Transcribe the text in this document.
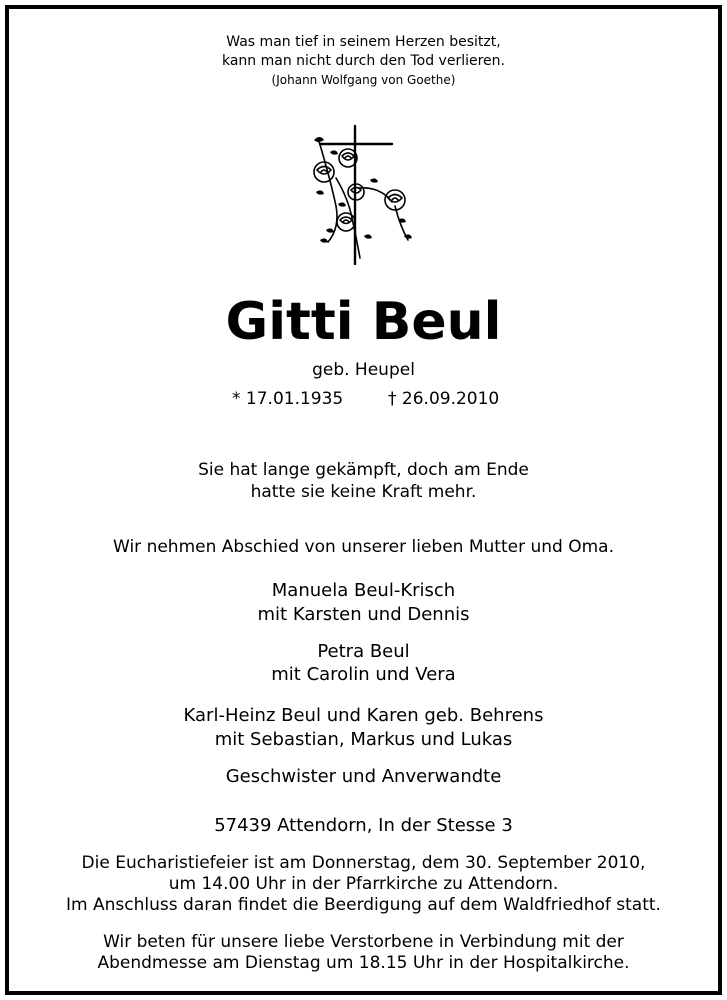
Was man tief in seinem Herzen besitzt,

kann man nicht durch den Tod verlieren.

(Johann Wolfgang von Goethe)

Gitti Beul

geb. Heupel

* 17.01.1935	† 26.09.2010

Sie hat lange gekämpft, doch am Ende

hatte sie keine Kraft mehr.

Wir nehmen Abschied von unserer lieben Mutter und Oma.

Manuela Beul-Krisch

mit Karsten und Dennis

Petra Beul

mit Carolin und Vera

Karl-Heinz Beul und Karen geb. Behrens

mit Sebastian, Markus und Lukas

Geschwister und Anverwandte

57439 Attendorn, In der Stesse 3

Die Eucharistiefeier ist am Donnerstag, dem 30. September 2010,

um 14.00 Uhr in der Pfarrkirche zu Attendorn.

Im Anschluss daran findet die Beerdigung auf dem Waldfriedhof statt.

Wir beten für unsere liebe Verstorbene in Verbindung mit der

Abendmesse am Dienstag um 18.15 Uhr in der Hospitalkirche.
